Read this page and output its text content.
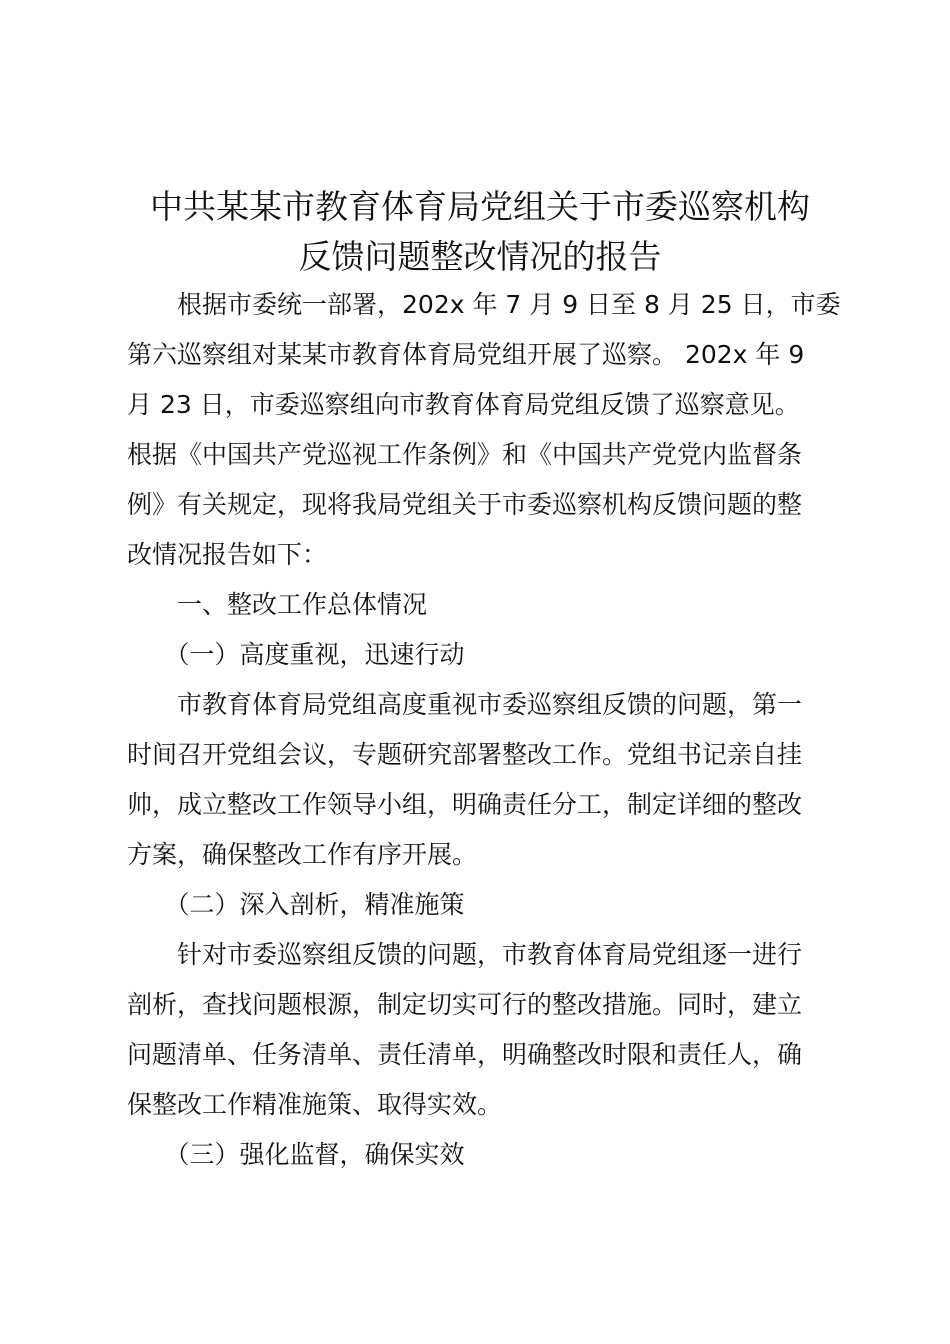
中共某某市教育体育局党组关于市委巡察机构
反馈问题整改情况的报告

　　根据市委统一部署，202x 年 7 月 9 日至 8 月 25 日，市委

第六巡察组对某某市教育体育局党组开展了巡察。 202x 年 9

月 23 日，市委巡察组向市教育体育局党组反馈了巡察意见。

根据《中国共产党巡视工作条例》和《中国共产党党内监督条

例》有关规定，现将我局党组关于市委巡察机构反馈问题的整

改情况报告如下：

　　一、整改工作总体情况

　　（一）高度重视，迅速行动

　　市教育体育局党组高度重视市委巡察组反馈的问题，第一

时间召开党组会议，专题研究部署整改工作。党组书记亲自挂

帅，成立整改工作领导小组，明确责任分工，制定详细的整改

方案，确保整改工作有序开展。

　　（二）深入剖析，精准施策

　　针对市委巡察组反馈的问题，市教育体育局党组逐一进行

剖析，查找问题根源，制定切实可行的整改措施。同时，建立

问题清单、任务清单、责任清单，明确整改时限和责任人，确

保整改工作精准施策、取得实效。

　　（三）强化监督，确保实效
